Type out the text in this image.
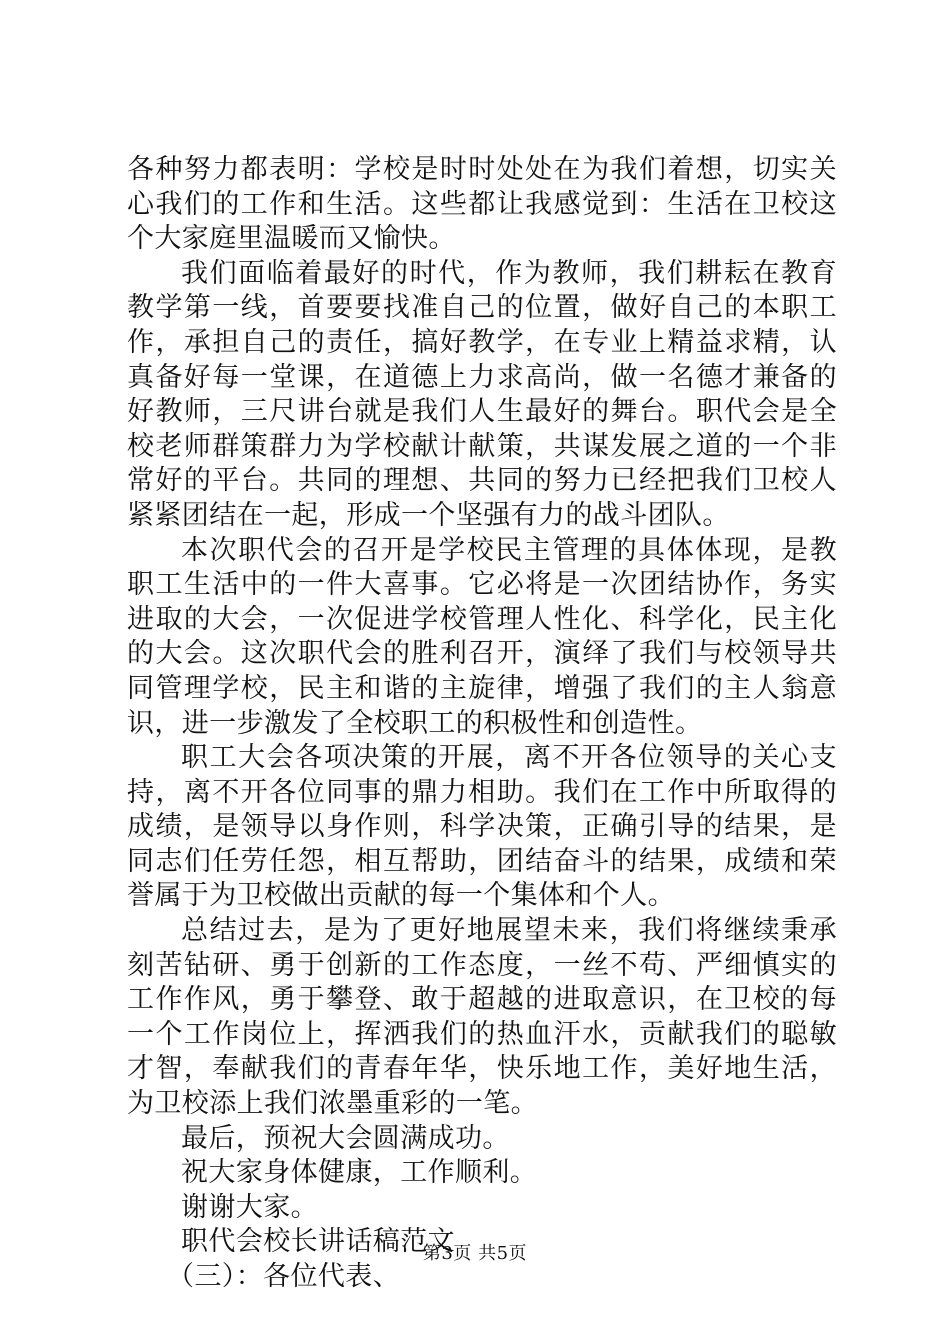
各种努力都表明：学校是时时处处在为我们着想，切实关心我们的工作和生活。这些都让我感觉到：生活在卫校这个大家庭里温暖而又愉快。

我们面临着最好的时代，作为教师，我们耕耘在教育教学第一线，首要要找准自己的位置，做好自己的本职工作，承担自己的责任，搞好教学，在专业上精益求精，认真备好每一堂课，在道德上力求高尚，做一名德才兼备的好教师，三尺讲台就是我们人生最好的舞台。职代会是全校老师群策群力为学校献计献策，共谋发展之道的一个非常好的平台。共同的理想、共同的努力已经把我们卫校人紧紧团结在一起，形成一个坚强有力的战斗团队。

本次职代会的召开是学校民主管理的具体体现，是教职工生活中的一件大喜事。它必将是一次团结协作，务实进取的大会，一次促进学校管理人性化、科学化，民主化的大会。这次职代会的胜利召开，演绎了我们与校领导共同管理学校，民主和谐的主旋律，增强了我们的主人翁意识，进一步激发了全校职工的积极性和创造性。

职工大会各项决策的开展，离不开各位领导的关心支持，离不开各位同事的鼎力相助。我们在工作中所取得的成绩，是领导以身作则，科学决策，正确引导的结果，是同志们任劳任怨，相互帮助，团结奋斗的结果，成绩和荣誉属于为卫校做出贡献的每一个集体和个人。

总结过去，是为了更好地展望未来，我们将继续秉承刻苦钻研、勇于创新的工作态度，一丝不苟、严细慎实的工作作风，勇于攀登、敢于超越的进取意识，在卫校的每一个工作岗位上，挥洒我们的热血汗水，贡献我们的聪敏才智，奉献我们的青春年华，快乐地工作，美好地生活，为卫校添上我们浓墨重彩的一笔。

最后，预祝大会圆满成功。

祝大家身体健康，工作顺利。

谢谢大家。

职代会校长讲话稿范文

（三）：各位代表、

第3页 共5页
